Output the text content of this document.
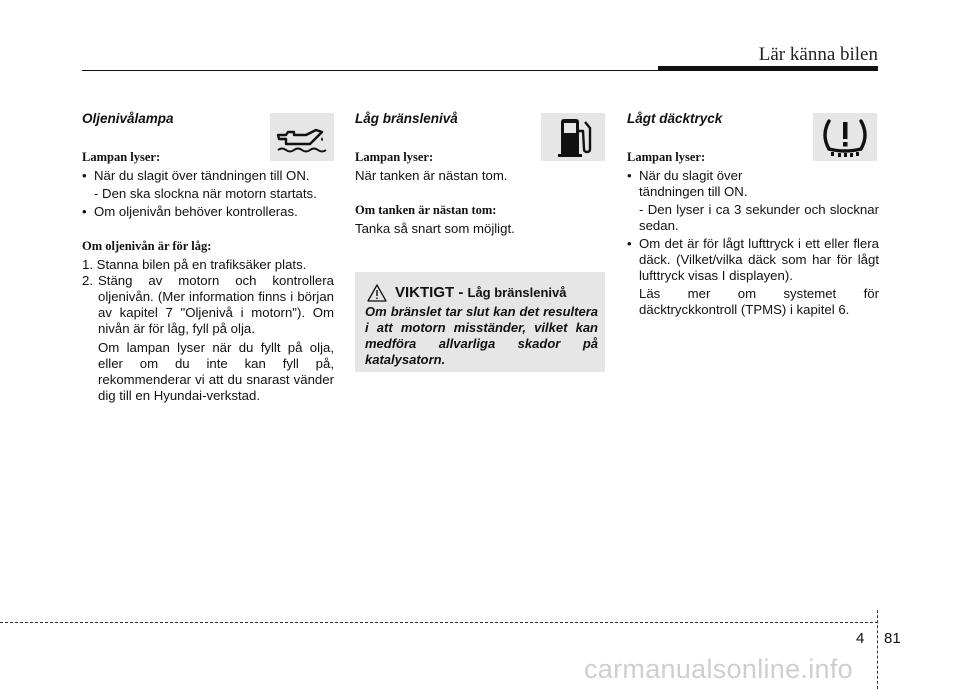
Lär känna bilen
Oljenivålampa
Lampan lyser:

• När du slagit över tändningen till ON.

- Den ska slockna när motorn startats.

• Om oljenivån behöver kontrolleras.

Om oljenivån är för låg:

1. Stanna bilen på en trafiksäker plats.

2. Stäng av motorn och kontrollera oljenivån. (Mer information finns i början av kapitel 7 "Oljenivå i motorn"). Om nivån är för låg, fyll på olja.

Om lampan lyser när du fyllt på olja, eller om du inte kan fyll på, rekommenderar vi att du snarast vänder dig till en Hyundai-verkstad.

Låg bränslenivå
Lampan lyser:

När tanken är nästan tom.

Om tanken är nästan tom:

Tanka så snart som möjligt.

VIKTIGT - Låg bränslenivå
Om bränslet tar slut kan det resultera i att motorn misständer, vilket kan medföra allvarliga skador på katalysatorn.
Lågt däcktryck
Lampan lyser:

• När du slagit över tändningen till ON.

- Den lyser i ca 3 sekunder och slocknar sedan.

• Om det är för lågt lufttryck i ett eller flera däck. (Vilket/vilka däck som har för lågt lufttryck visas I displayen).

Läs mer om systemet för däcktryckkontroll (TPMS) i kapitel 6.

4 81
carmanualsonline.info
